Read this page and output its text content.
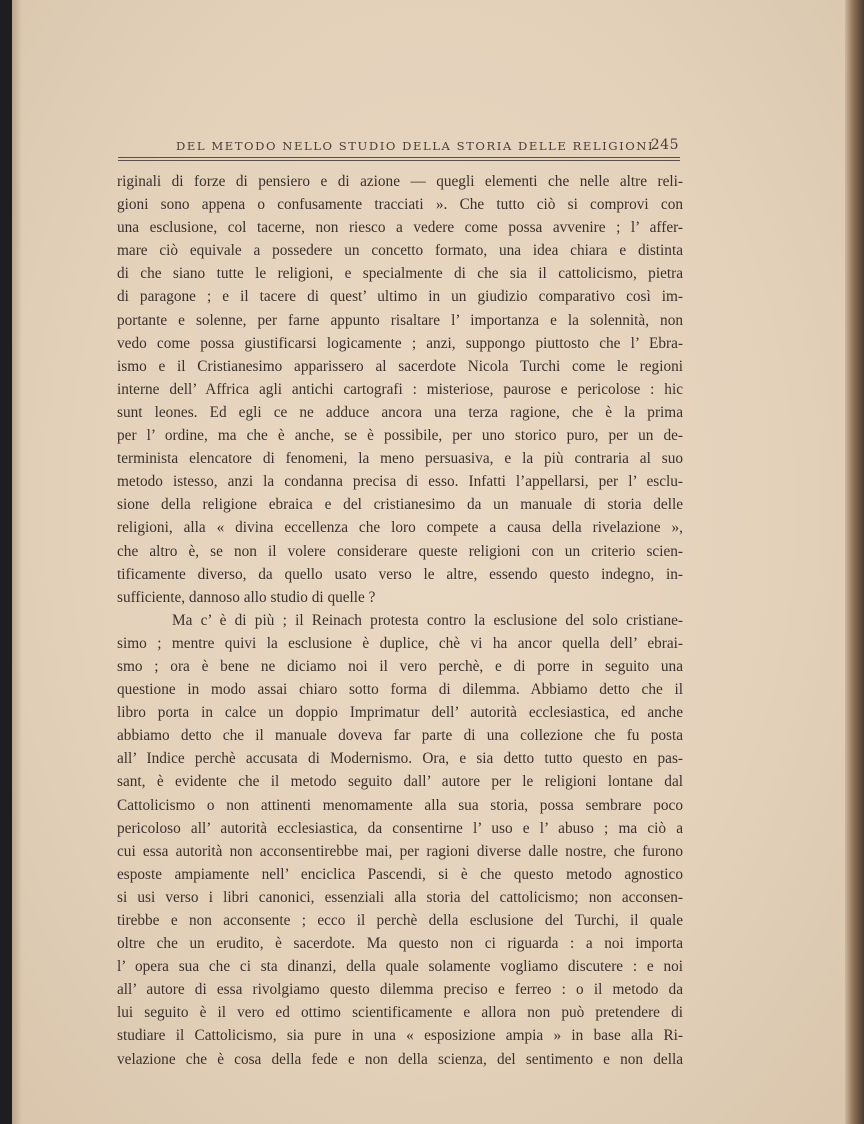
DEL METODO NELLO STUDIO DELLA STORIA DELLE RELIGIONI
245
riginali di forze di pensiero e di azione — quegli elementi che nelle altre reli-
gioni sono appena o confusamente tracciati ». Che tutto ciò si comprovi con
una esclusione, col tacerne, non riesco a vedere come possa avvenire ; l’ affer-
mare ciò equivale a possedere un concetto formato, una idea chiara e distinta
di che siano tutte le religioni, e specialmente di che sia il cattolicismo, pietra
di paragone ; e il tacere di quest’ ultimo in un giudizio comparativo così im-
portante e solenne, per farne appunto risaltare l’ importanza e la solennità, non
vedo come possa giustificarsi logicamente ; anzi, suppongo piuttosto che l’ Ebra-
ismo e il Cristianesimo apparissero al sacerdote Nicola Turchi come le regioni
interne dell’ Affrica agli antichi cartografi : misteriose, paurose e pericolose : hic
sunt leones. Ed egli ce ne adduce ancora una terza ragione, che è la prima
per l’ ordine, ma che è anche, se è possibile, per uno storico puro, per un de-
terminista elencatore di fenomeni, la meno persuasiva, e la più contraria al suo
metodo istesso, anzi la condanna precisa di esso. Infatti l’appellarsi, per l’ esclu-
sione della religione ebraica e del cristianesimo da un manuale di storia delle
religioni, alla « divina eccellenza che loro compete a causa della rivelazione »,
che altro è, se non il volere considerare queste religioni con un criterio scien-
tificamente diverso, da quello usato verso le altre, essendo questo indegno, in-
sufficiente, dannoso allo studio di quelle ?
Ma c’ è di più ; il Reinach protesta contro la esclusione del solo cristiane-
simo ; mentre quivi la esclusione è duplice, chè vi ha ancor quella dell’ ebrai-
smo ; ora è bene ne diciamo noi il vero perchè, e di porre in seguito una
questione in modo assai chiaro sotto forma di dilemma. Abbiamo detto che il
libro porta in calce un doppio Imprimatur dell’ autorità ecclesiastica, ed anche
abbiamo detto che il manuale doveva far parte di una collezione che fu posta
all’ Indice perchè accusata di Modernismo. Ora, e sia detto tutto questo en pas-
sant, è evidente che il metodo seguito dall’ autore per le religioni lontane dal
Cattolicismo o non attinenti menomamente alla sua storia, possa sembrare poco
pericoloso all’ autorità ecclesiastica, da consentirne l’ uso e l’ abuso ; ma ciò a
cui essa autorità non acconsentirebbe mai, per ragioni diverse dalle nostre, che furono
esposte ampiamente nell’ enciclica Pascendi, si è che questo metodo agnostico
si usi verso i libri canonici, essenziali alla storia del cattolicismo; non acconsen-
tirebbe e non acconsente ; ecco il perchè della esclusione del Turchi, il quale
oltre che un erudito, è sacerdote. Ma questo non ci riguarda : a noi importa
l’ opera sua che ci sta dinanzi, della quale solamente vogliamo discutere : e noi
all’ autore di essa rivolgiamo questo dilemma preciso e ferreo : o il metodo da
lui seguito è il vero ed ottimo scientificamente e allora non può pretendere di
studiare il Cattolicismo, sia pure in una « esposizione ampia » in base alla Ri-
velazione che è cosa della fede e non della scienza, del sentimento e non della
